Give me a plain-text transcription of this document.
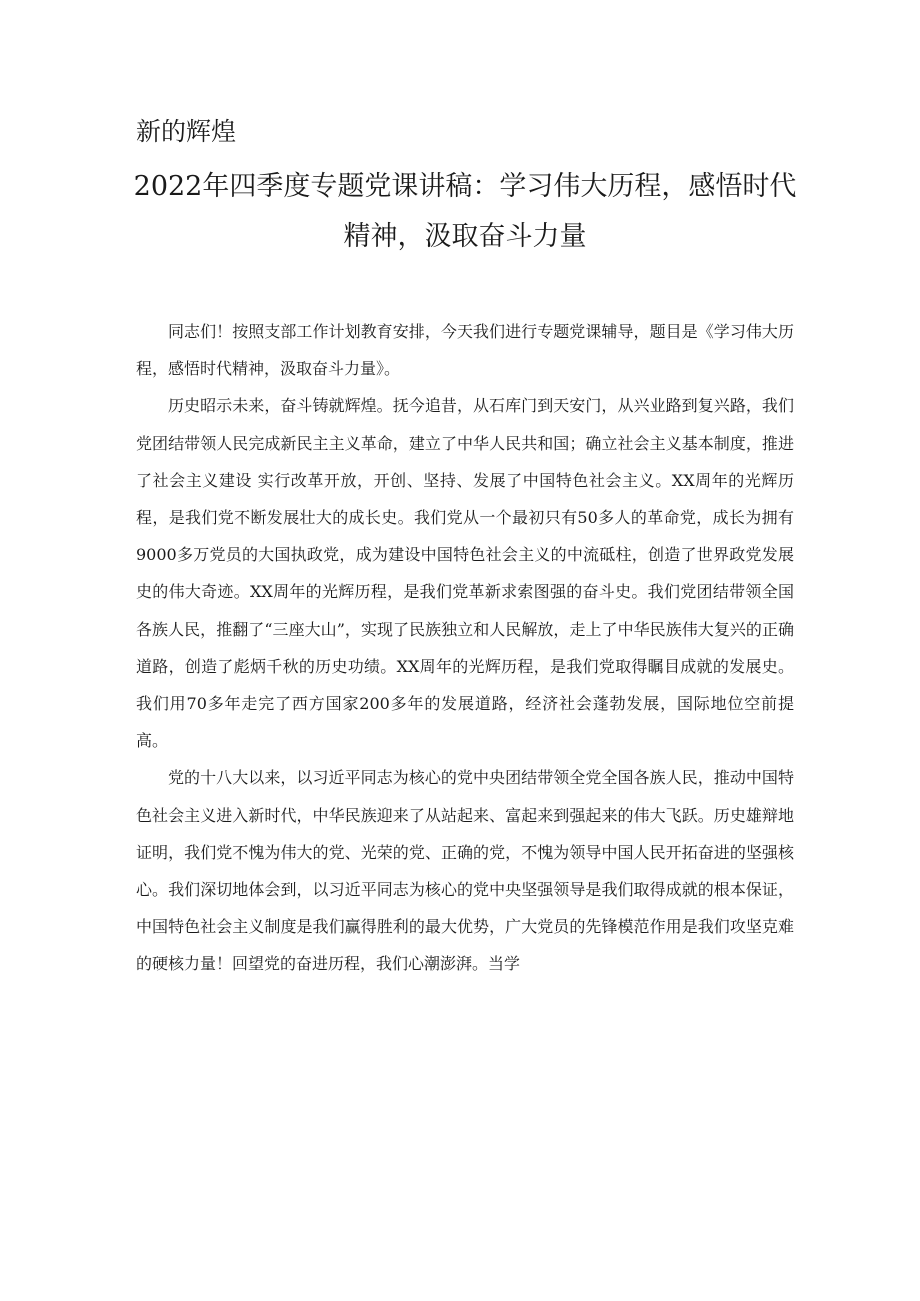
新的辉煌
2022年四季度专题党课讲稿：学习伟大历程，感悟时代精神，汲取奋斗力量

同志们！按照支部工作计划教育安排，今天我们进行专题党课辅导，题目是《学习伟大历程，感悟时代精神，汲取奋斗力量》。

历史昭示未来，奋斗铸就辉煌。抚今追昔，从石库门到天安门，从兴业路到复兴路，我们党团结带领人民完成新民主主义革命，建立了中华人民共和国；确立社会主义基本制度，推进了社会主义建设 实行改革开放，开创、坚持、发展了中国特色社会主义。XX周年的光辉历程，是我们党不断发展壮大的成长史。我们党从一个最初只有50多人的革命党，成长为拥有9000多万党员的大国执政党，成为建设中国特色社会主义的中流砥柱，创造了世界政党发展史的伟大奇迹。XX周年的光辉历程，是我们党革新求索图强的奋斗史。我们党团结带领全国各族人民，推翻了“三座大山”，实现了民族独立和人民解放，走上了中华民族伟大复兴的正确道路，创造了彪炳千秋的历史功绩。XX周年的光辉历程，是我们党取得瞩目成就的发展史。我们用70多年走完了西方国家200多年的发展道路，经济社会蓬勃发展，国际地位空前提高。

党的十八大以来，以习近平同志为核心的党中央团结带领全党全国各族人民，推动中国特色社会主义进入新时代，中华民族迎来了从站起来、富起来到强起来的伟大飞跃。历史雄辩地证明，我们党不愧为伟大的党、光荣的党、正确的党，不愧为领导中国人民开拓奋进的坚强核心。我们深切地体会到，以习近平同志为核心的党中央坚强领导是我们取得成就的根本保证，中国特色社会主义制度是我们赢得胜利的最大优势，广大党员的先锋模范作用是我们攻坚克难的硬核力量！回望党的奋进历程，我们心潮澎湃。当学
